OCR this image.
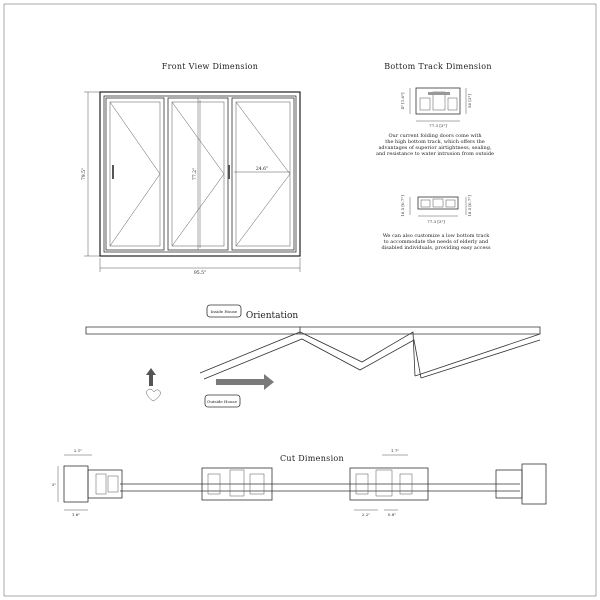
Front View Dimension
79.5"	77.2"	24.6"
95.5"
Bottom Track Dimension
4" [1.6"]	50 [2"]
77.3 [3"]
Our current folding doors come with
the high bottom track, which offers the
advantages of superior airtightness, sealing,
and resistance to water intrusion from outside
18.5 [0.7"]	18.5 [0.7"]
77.3 [3"]
We can also customize a low bottom track
to accommodate the needs of elderly and
disabled individuals, providing easy access
Inside House Orientation
Outside House
Cut Dimension
2.1"
3"
1.6"
1.7"
2.2"	0.8"
